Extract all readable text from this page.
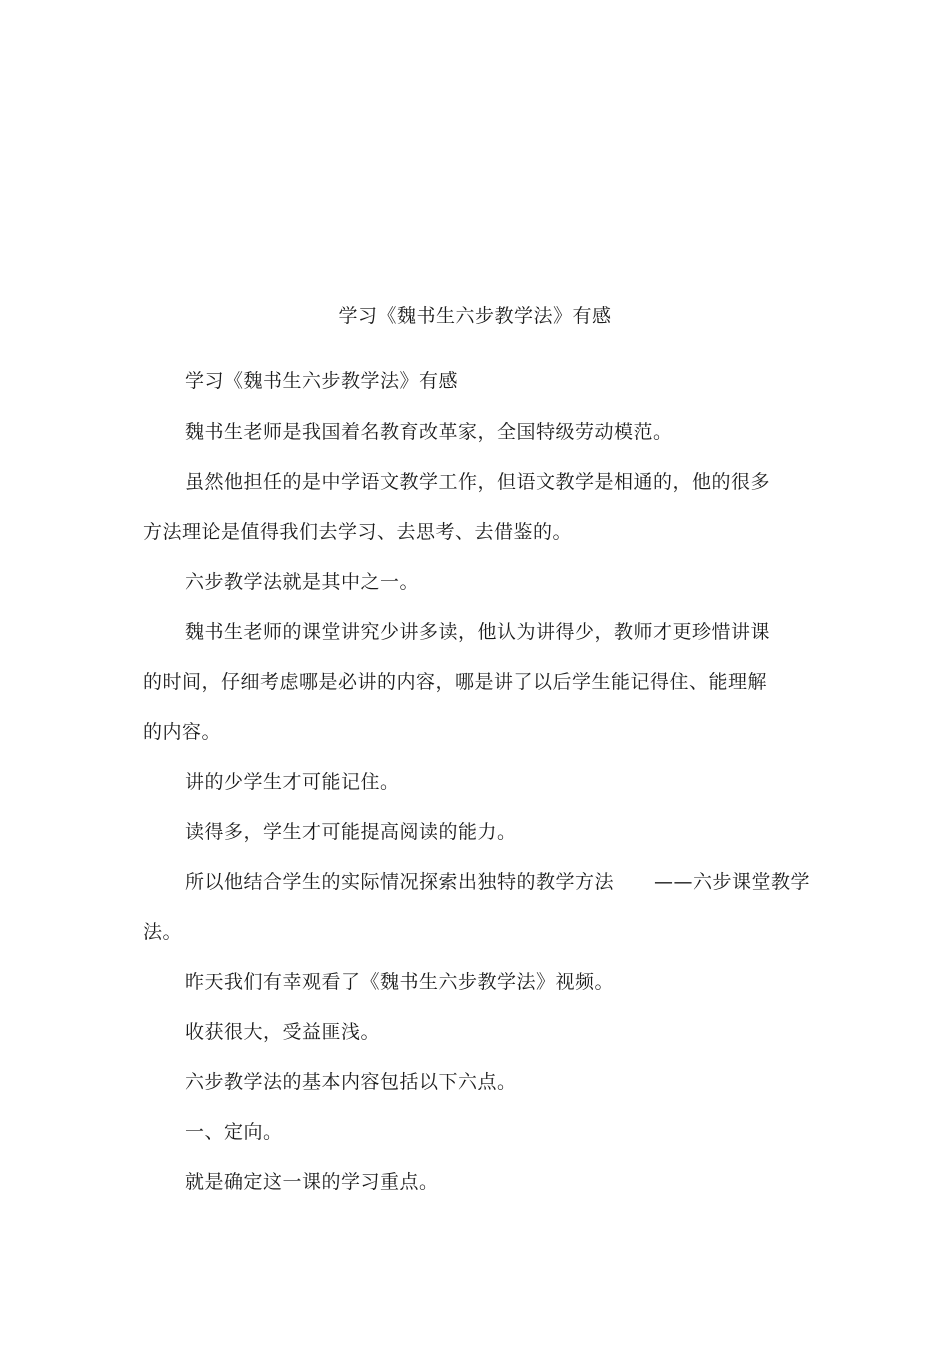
学习《魏书生六步教学法》有感
学习《魏书生六步教学法》有感
魏书生老师是我国着名教育改革家，全国特级劳动模范。
虽然他担任的是中学语文教学工作，但语文教学是相通的，他的很多
方法理论是值得我们去学习、去思考、去借鉴的。
六步教学法就是其中之一。
魏书生老师的课堂讲究少讲多读，他认为讲得少，教师才更珍惜讲课
的时间，仔细考虑哪是必讲的内容，哪是讲了以后学生能记得住、能理解
的内容。
讲的少学生才可能记住。
读得多，学生才可能提高阅读的能力。
所以他结合学生的实际情况探索出独特的教学方法 ——六步课堂教学
法。
昨天我们有幸观看了《魏书生六步教学法》视频。
收获很大，受益匪浅。
六步教学法的基本内容包括以下六点。
一、定向。
就是确定这一课的学习重点。
